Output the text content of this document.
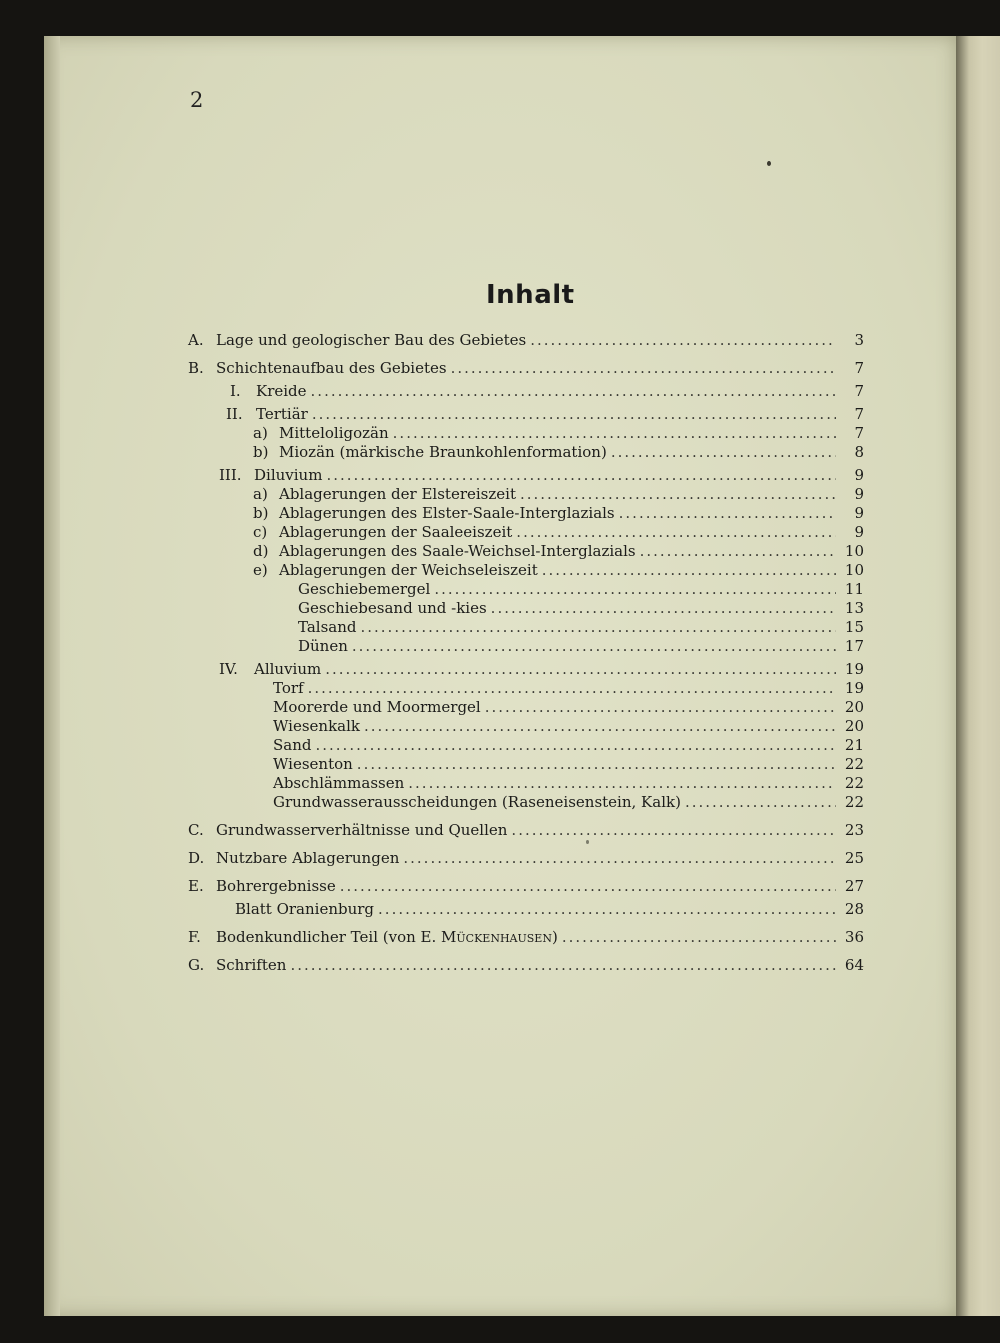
2
Inhalt
A. Lage und geologischer Bau des Gebietes .....	3
B. Schichtenaufbau des Gebietes .....	7
I. Kreide .....	7
II. Tertiär .....	7
a) Mitteloligozän .....	7
b) Miozän (märkische Braunkohlenformation) .....	8
III. Diluvium .....	9
a) Ablagerungen der Elstereiszeit .....	9
b) Ablagerungen des Elster-Saale-Interglazials .....	9
c) Ablagerungen der Saaleeiszeit .....	9
d) Ablagerungen des Saale-Weichsel-Interglazials .....	10
e) Ablagerungen der Weichseleiszeit .....	10
Geschiebemergel .....	11
Geschiebesand und -kies .....	13
Talsand .....	15
Dünen .....	17
IV. Alluvium .....	19
Torf .....	19
Moorerde und Moormergel .....	20
Wiesenkalk .....	20
Sand .....	21
Wiesenton .....	22
Abschlämmassen .....	22
Grundwasserausscheidungen (Raseneisenstein, Kalk) .....	22
C. Grundwasserverhältnisse und Quellen .....	23
D. Nutzbare Ablagerungen .....	25
E. Bohrergebnisse .....	27
Blatt Oranienburg .....	28
F. Bodenkundlicher Teil (von E. Mückenhausen) .....	36
G. Schriften .....	64
